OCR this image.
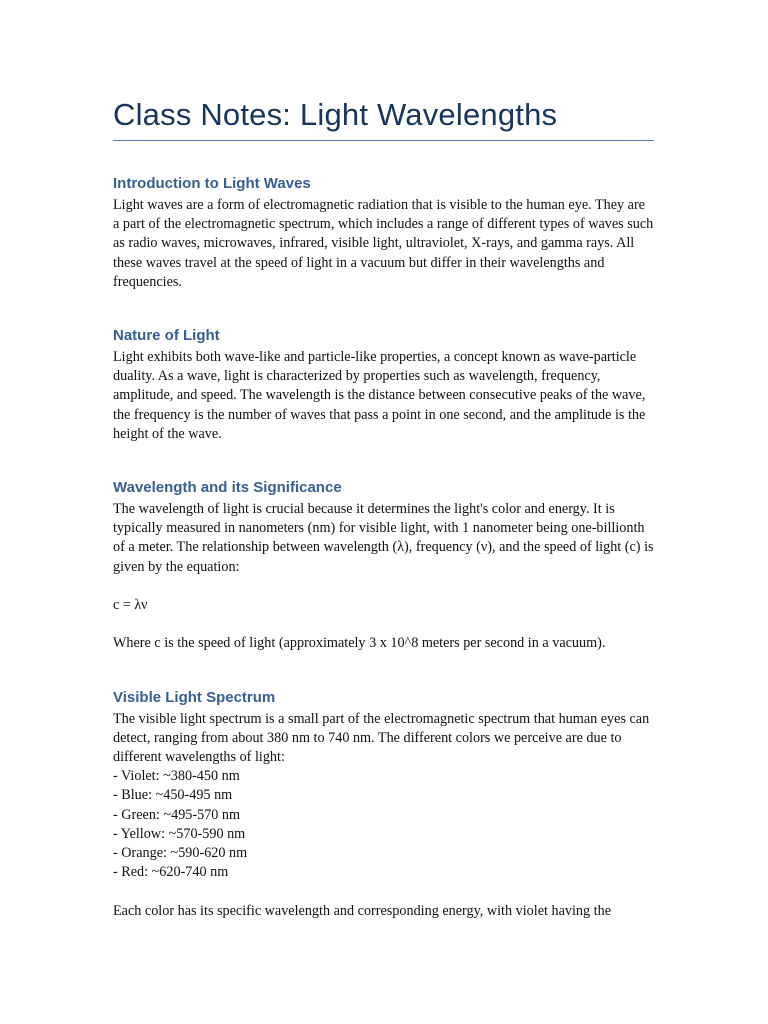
Class Notes: Light Wavelengths
Introduction to Light Waves

Light waves are a form of electromagnetic radiation that is visible to the human eye. They are a part of the electromagnetic spectrum, which includes a range of different types of waves such as radio waves, microwaves, infrared, visible light, ultraviolet, X-rays, and gamma rays. All these waves travel at the speed of light in a vacuum but differ in their wavelengths and frequencies.

Nature of Light

Light exhibits both wave-like and particle-like properties, a concept known as wave-particle duality. As a wave, light is characterized by properties such as wavelength, frequency, amplitude, and speed. The wavelength is the distance between consecutive peaks of the wave, the frequency is the number of waves that pass a point in one second, and the amplitude is the height of the wave.

Wavelength and its Significance

The wavelength of light is crucial because it determines the light's color and energy. It is typically measured in nanometers (nm) for visible light, with 1 nanometer being one-billionth of a meter. The relationship between wavelength (λ), frequency (ν), and the speed of light (c) is given by the equation:

c = λν

Where c is the speed of light (approximately 3 x 10^8 meters per second in a vacuum).

Visible Light Spectrum

The visible light spectrum is a small part of the electromagnetic spectrum that human eyes can detect, ranging from about 380 nm to 740 nm. The different colors we perceive are due to different wavelengths of light:

- Violet: ~380-450 nm
- Blue: ~450-495 nm
- Green: ~495-570 nm
- Yellow: ~570-590 nm
- Orange: ~590-620 nm
- Red: ~620-740 nm

Each color has its specific wavelength and corresponding energy, with violet having the
